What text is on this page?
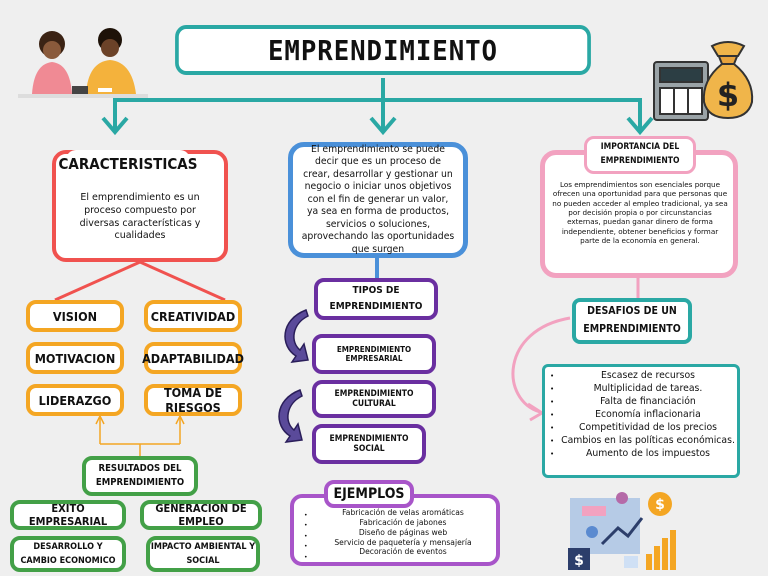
EMPRENDIMIENTO
$
CARACTERISTICAS
El emprendimiento es un proceso compuesto por diversas características y cualidades
VISION	CREATIVIDAD
MOTIVACION ADAPTABILIDAD
LIDERAZGO	TOMA DE RIESGOS
RESULTADOS DEL EMPRENDIMIENTO
EXITO EMPRESARIAL
GENERACION DE EMPLEO
DESARROLLO Y CAMBIO ECONOMICO
IMPACTO AMBIENTAL Y SOCIAL
El emprendimiento se puede decir que es un proceso de crear, desarrollar y gestionar un negocio o iniciar unos objetivos con el fin de generar un valor, ya sea en forma de productos, servicios o soluciones, aprovechando las oportunidades que surgen
TIPOS DE EMPRENDIMIENTO
EMPRENDIMIENTO EMPRESARIAL
EMPRENDIMIENTO CULTURAL
EMPRENDIMIENTO SOCIAL
EJEMPLOS
Fabricación de velas aromáticas
Fabricación de jabones
Diseño de páginas web
Servicio de paquetería y mensajería
Decoración de eventos
•
•
•
•
•
IMPORTANCIA DEL EMPRENDIMIENTO
Los emprendimientos son esenciales porque ofrecen una oportunidad para que personas que no pueden acceder al empleo tradicional, ya sea por decisión propia o por circunstancias externas, puedan ganar dinero de forma independiente, obtener beneficios y formar parte de la economía en general.
DESAFIOS DE UN EMPRENDIMIENTO
Escasez de recursos
Multiplicidad de tareas.
Falta de financiación
Economía inflacionaria
Competitividad de los precios
Cambios en las políticas económicas.
Aumento de los impuestos
•
•
•
•
•
•
•
$
$
